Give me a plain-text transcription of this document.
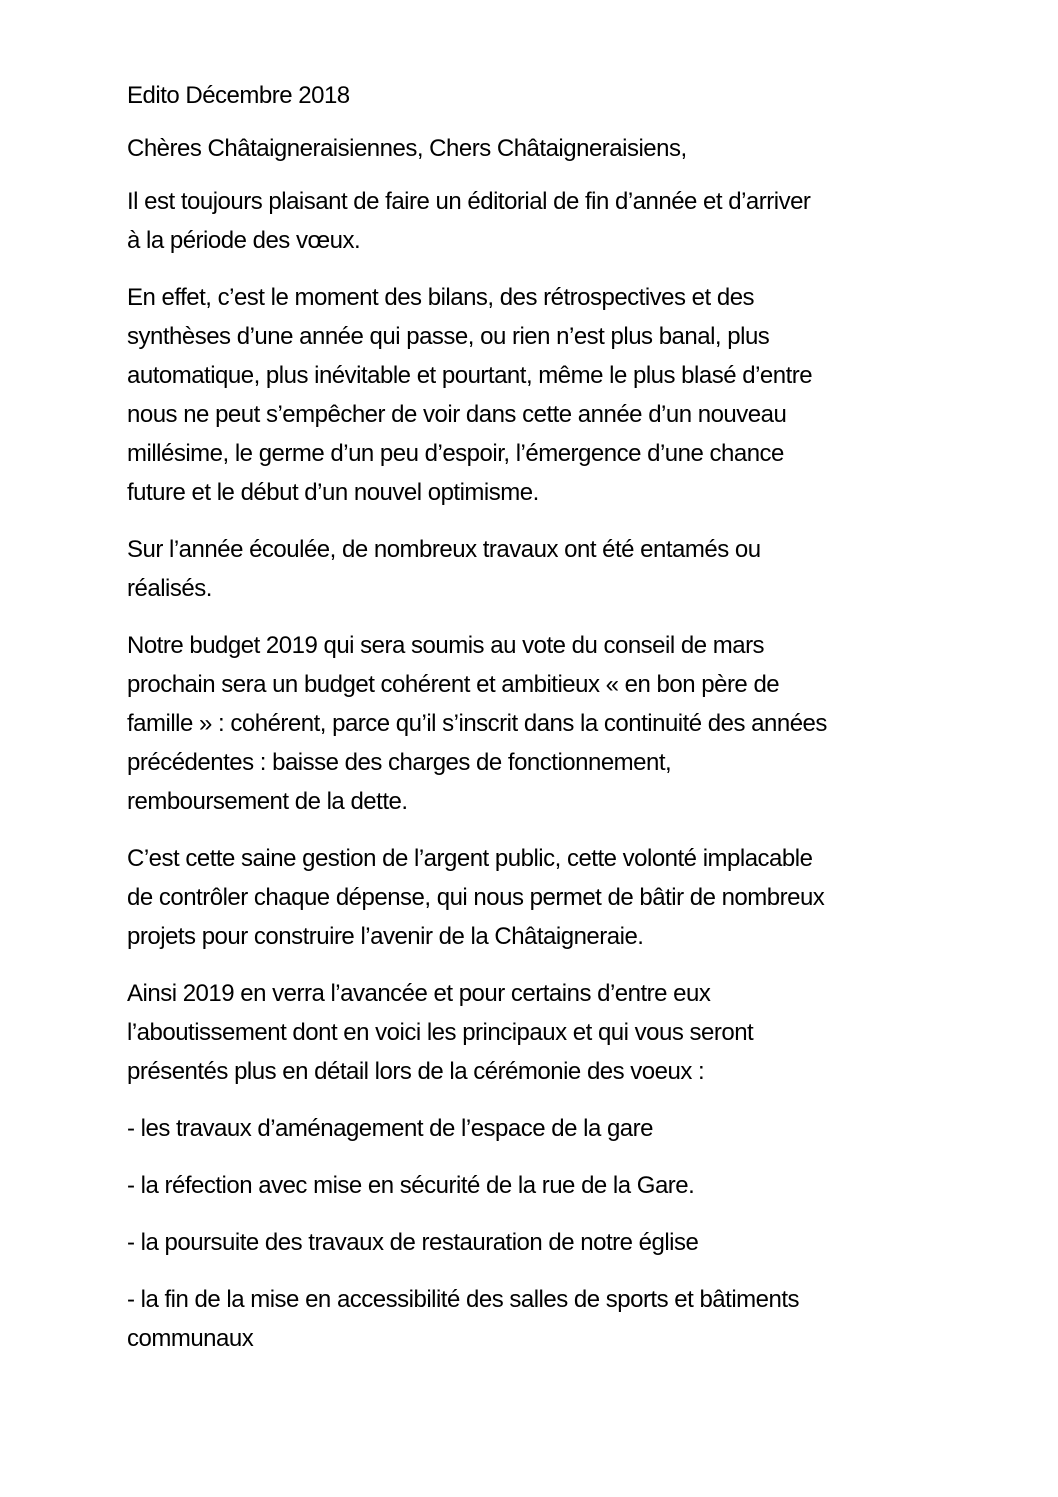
Edito Décembre 2018

Chères Châtaigneraisiennes, Chers Châtaigneraisiens,

Il est toujours plaisant de faire un éditorial de fin d’année et d’arriver
à la période des vœux.

En effet, c’est le moment des bilans, des rétrospectives et des
synthèses d’une année qui passe, ou rien n’est plus banal, plus
automatique, plus inévitable et pourtant, même le plus blasé d’entre
nous ne peut s’empêcher de voir dans cette année d’un nouveau
millésime, le germe d’un peu d’espoir, l’émergence d’une chance
future et le début d’un nouvel optimisme.

Sur l’année écoulée, de nombreux travaux ont été entamés ou
réalisés.

Notre budget 2019 qui sera soumis au vote du conseil de mars
prochain sera un budget cohérent et ambitieux « en bon père de
famille » : cohérent, parce qu’il s’inscrit dans la continuité des années
précédentes : baisse des charges de fonctionnement,
remboursement de la dette.

C’est cette saine gestion de l’argent public, cette volonté implacable
de contrôler chaque dépense, qui nous permet de bâtir de nombreux
projets pour construire l’avenir de la Châtaigneraie.

Ainsi 2019 en verra l’avancée et pour certains d’entre eux
l’aboutissement dont en voici les principaux et qui vous seront
présentés plus en détail lors de la cérémonie des voeux :

- les travaux d’aménagement de l’espace de la gare

- la réfection avec mise en sécurité de la rue de la Gare.

- la poursuite des travaux de restauration de notre église

- la fin de la mise en accessibilité des salles de sports et bâtiments
communaux
